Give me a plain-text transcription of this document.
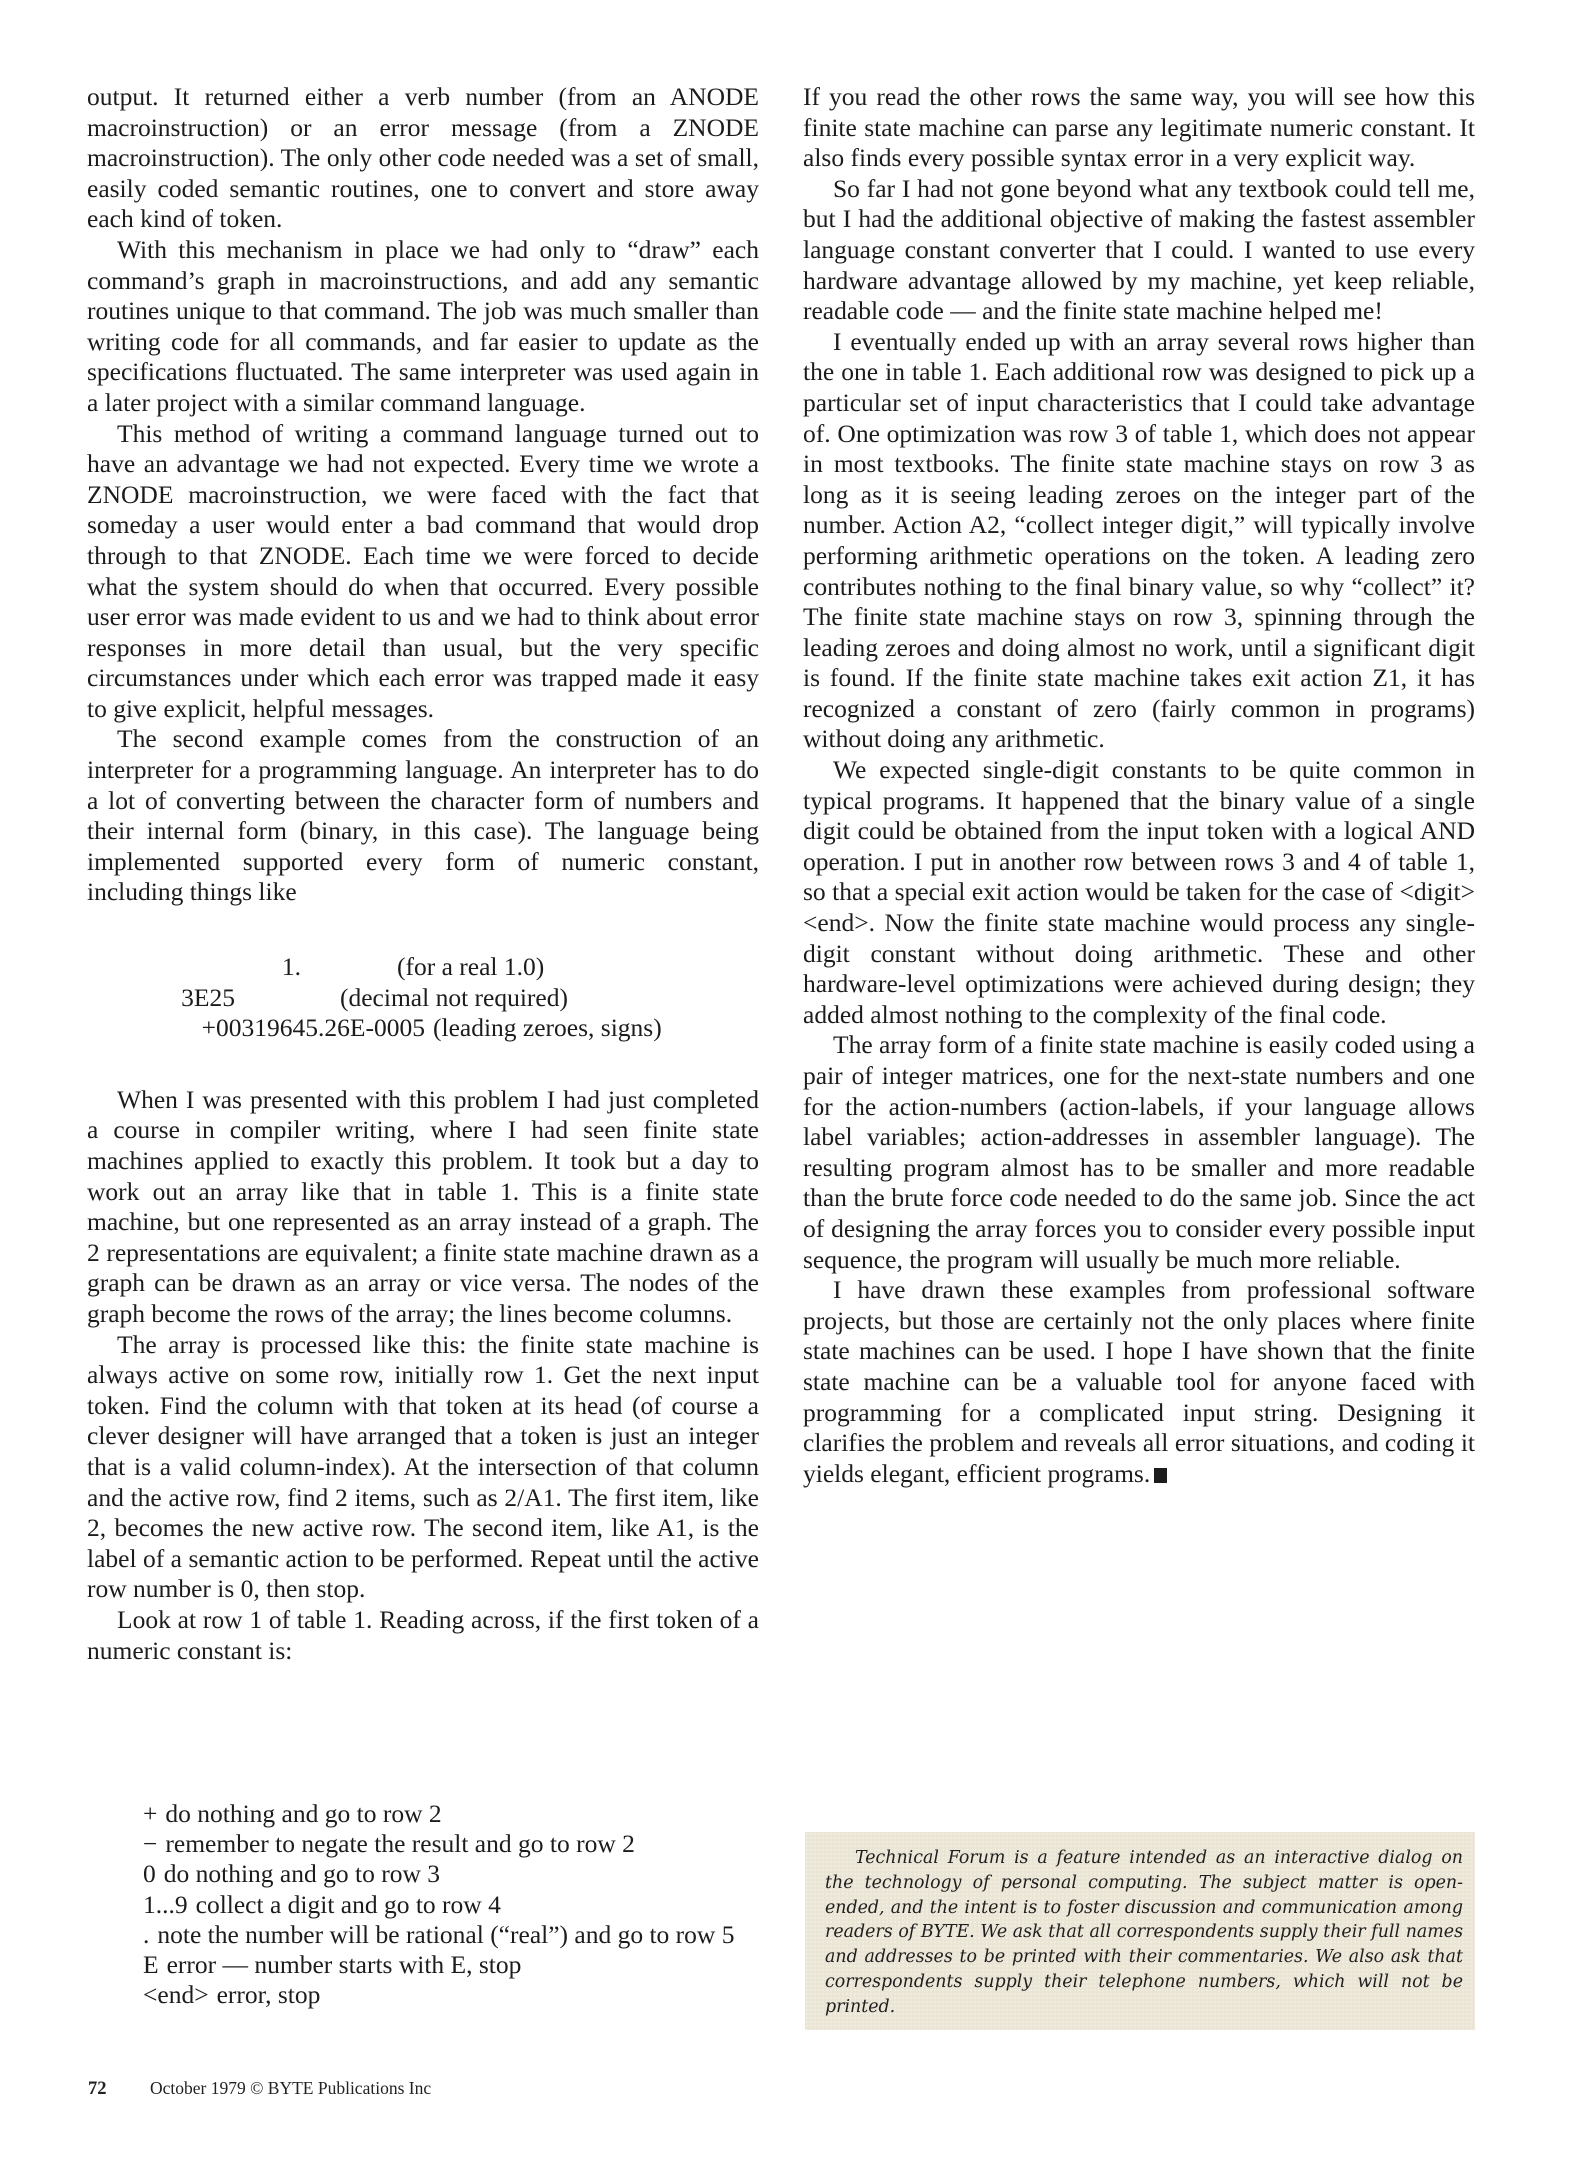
output. It returned either a verb number (from an ANODE macroinstruction) or an error message (from a ZNODE macroinstruction). The only other code needed was a set of small, easily coded semantic routines, one to convert and store away each kind of token.

With this mechanism in place we had only to “draw” each command’s graph in macroinstructions, and add any semantic routines unique to that command. The job was much smaller than writing code for all commands, and far easier to update as the specifications fluctuated. The same interpreter was used again in a later project with a similar command language.

This method of writing a command language turned out to have an advantage we had not expected. Every time we wrote a ZNODE macroinstruction, we were faced with the fact that someday a user would enter a bad command that would drop through to that ZNODE. Each time we were forced to decide what the system should do when that occurred. Every possible user error was made evident to us and we had to think about error responses in more detail than usual, but the very specific circumstances under which each error was trapped made it easy to give explicit, helpful messages.

The second example comes from the construction of an interpreter for a programming language. An interpreter has to do a lot of converting between the character form of numbers and their internal form (binary, in this case). The language being implemented supported every form of numeric constant, including things like

1.	(for a real 1.0)
3E25	(decimal not required)
+00319645.26E-0005 (leading zeroes, signs)

When I was presented with this problem I had just completed a course in compiler writing, where I had seen finite state machines applied to exactly this problem. It took but a day to work out an array like that in table 1. This is a finite state machine, but one represented as an array instead of a graph. The 2 representations are equivalent; a finite state machine drawn as a graph can be drawn as an array or vice versa. The nodes of the graph become the rows of the array; the lines become columns.

The array is processed like this: the finite state machine is always active on some row, initially row 1. Get the next input token. Find the column with that token at its head (of course a clever designer will have arranged that a token is just an integer that is a valid column-index). At the intersection of that column and the active row, find 2 items, such as 2/A1. The first item, like 2, becomes the new active row. The second item, like A1, is the label of a semantic action to be performed. Repeat until the active row number is 0, then stop.

Look at row 1 of table 1. Reading across, if the first token of a numeric constant is:

+ do nothing and go to row 2
− remember to negate the result and go to row 2
0 do nothing and go to row 3
1...9 collect a digit and go to row 4
. note the number will be rational (“real”) and go to row 5
E error — number starts with E, stop
<end> error, stop

If you read the other rows the same way, you will see how this finite state machine can parse any legitimate numeric constant. It also finds every possible syntax error in a very explicit way.

So far I had not gone beyond what any textbook could tell me, but I had the additional objective of making the fastest assembler language constant converter that I could. I wanted to use every hardware advantage allowed by my machine, yet keep reliable, readable code — and the finite state machine helped me!

I eventually ended up with an array several rows higher than the one in table 1. Each additional row was designed to pick up a particular set of input characteristics that I could take advantage of. One optimization was row 3 of table 1, which does not appear in most textbooks. The finite state machine stays on row 3 as long as it is seeing leading zeroes on the integer part of the number. Action A2, “collect integer digit,” will typically involve performing arithmetic operations on the token. A leading zero contributes nothing to the final binary value, so why “collect” it? The finite state machine stays on row 3, spinning through the leading zeroes and doing almost no work, until a significant digit is found. If the finite state machine takes exit action Z1, it has recognized a constant of zero (fairly common in programs) without doing any arithmetic.

We expected single-digit constants to be quite common in typical programs. It happened that the binary value of a single digit could be obtained from the input token with a logical AND operation. I put in another row between rows 3 and 4 of table 1, so that a special exit action would be taken for the case of <digit> <end>. Now the finite state machine would process any single-digit constant without doing arithmetic. These and other hardware-level optimizations were achieved during design; they added almost nothing to the complexity of the final code.

The array form of a finite state machine is easily coded using a pair of integer matrices, one for the next-state numbers and one for the action-numbers (action-labels, if your language allows label variables; action-addresses in assembler language). The resulting program almost has to be smaller and more readable than the brute force code needed to do the same job. Since the act of designing the array forces you to consider every possible input sequence, the program will usually be much more reliable.

I have drawn these examples from professional software projects, but those are certainly not the only places where finite state machines can be used. I hope I have shown that the finite state machine can be a valuable tool for anyone faced with programming for a complicated input string. Designing it clarifies the problem and reveals all error situations, and coding it yields elegant, efficient programs.

Technical Forum is a feature intended as an interactive dialog on the technology of personal computing. The subject matter is open-ended, and the intent is to foster discussion and communication among readers of BYTE. We ask that all correspondents supply their full names and addresses to be printed with their commentaries. We also ask that correspondents supply their telephone numbers, which will not be printed.

72	October 1979 © BYTE Publications Inc
